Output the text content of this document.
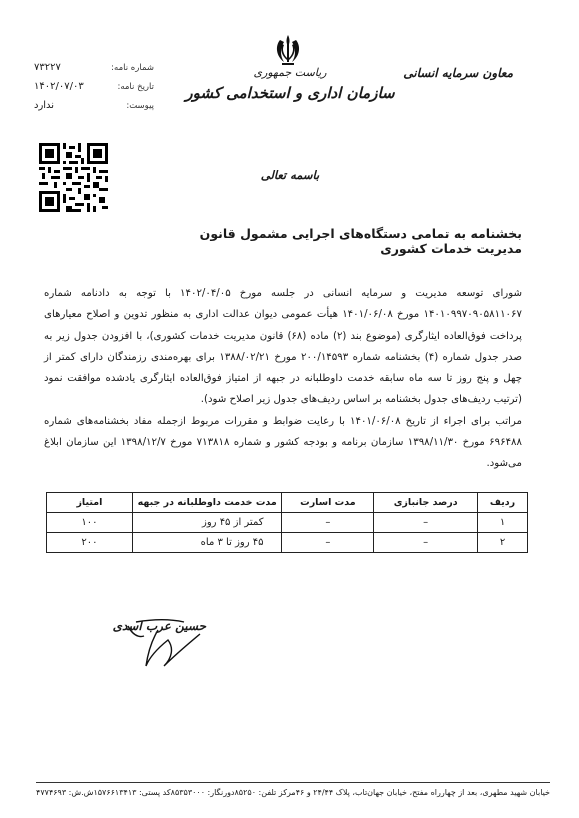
ریاست جمهوری
سازمان اداری و استخدامی کشور
معاون سرمایه انسانی
شماره نامه:
۷۳۲۲۷
تاریخ نامه:
۱۴۰۲/۰۷/۰۳
پیوست:
ندارد
باسمه تعالی
بخشنامه به تمامی دستگاه‌های اجرایی مشمول قانون مدیریت خدمات کشوری

شورای توسعه مدیریت و سرمایه انسانی در جلسه مورخ ۱۴۰۲/۰۴/۰۵ با توجه به دادنامه شماره ۱۴۰۱۰۹۹۷۰۹۰۵۸۱۱۰۶۷ مورخ ۱۴۰۱/۰۶/۰۸ هیأت عمومی دیوان عدالت اداری به منظور تدوین و اصلاح معیارهای پرداخت فوق‌العاده ایثارگری (موضوع بند (۲) ماده (۶۸) قانون مدیریت خدمات کشوری)، با افزودن جدول زیر به صدر جدول شماره (۴) بخشنامه شماره ۲۰۰/۱۴۵۹۳ مورخ ۱۳۸۸/۰۲/۲۱ برای بهره‌مندی رزمندگان دارای کمتر از چهل و پنج روز تا سه ماه سابقه خدمت داوطلبانه در جبهه از امتیاز فوق‌العاده ایثارگری یادشده موافقت نمود (ترتیب ردیف‌های جدول بخشنامه بر اساس ردیف‌های جدول زیر اصلاح شود).

مراتب برای اجراء از تاریخ ۱۴۰۱/۰۶/۰۸ با رعایت ضوابط و مقررات مربوط ازجمله مفاد بخشنامه‌های شماره ۶۹۶۴۸۸ مورخ ۱۳۹۸/۱۱/۳۰ سازمان برنامه و بودجه کشور و شماره ۷۱۳۸۱۸ مورخ ۱۳۹۸/۱۲/۷ این سازمان ابلاغ می‌شود.

ردیف	درصد جانبازی	مدت اسارت	مدت خدمت داوطلبانه در جبهه	امتیاز
۱	–	–	کمتر از ۴۵ روز	۱۰۰
۲	–	–	۴۵ روز تا ۳ ماه	۲۰۰
حسین عرب اسدی
خیابان شهید مطهری، بعد از چهارراه مفتح، خیابان جهان‌تاب، پلاک ۲۴/۴۴ و ۴۶
مرکز تلفن: ۸۵۲۵۰
دورنگار: ۸۵۳۵۳۰۰۰
کد پستی: ۱۵۷۶۶۱۳۴۱۳
ش.ش: ۴۷۷۴۶۹۳
